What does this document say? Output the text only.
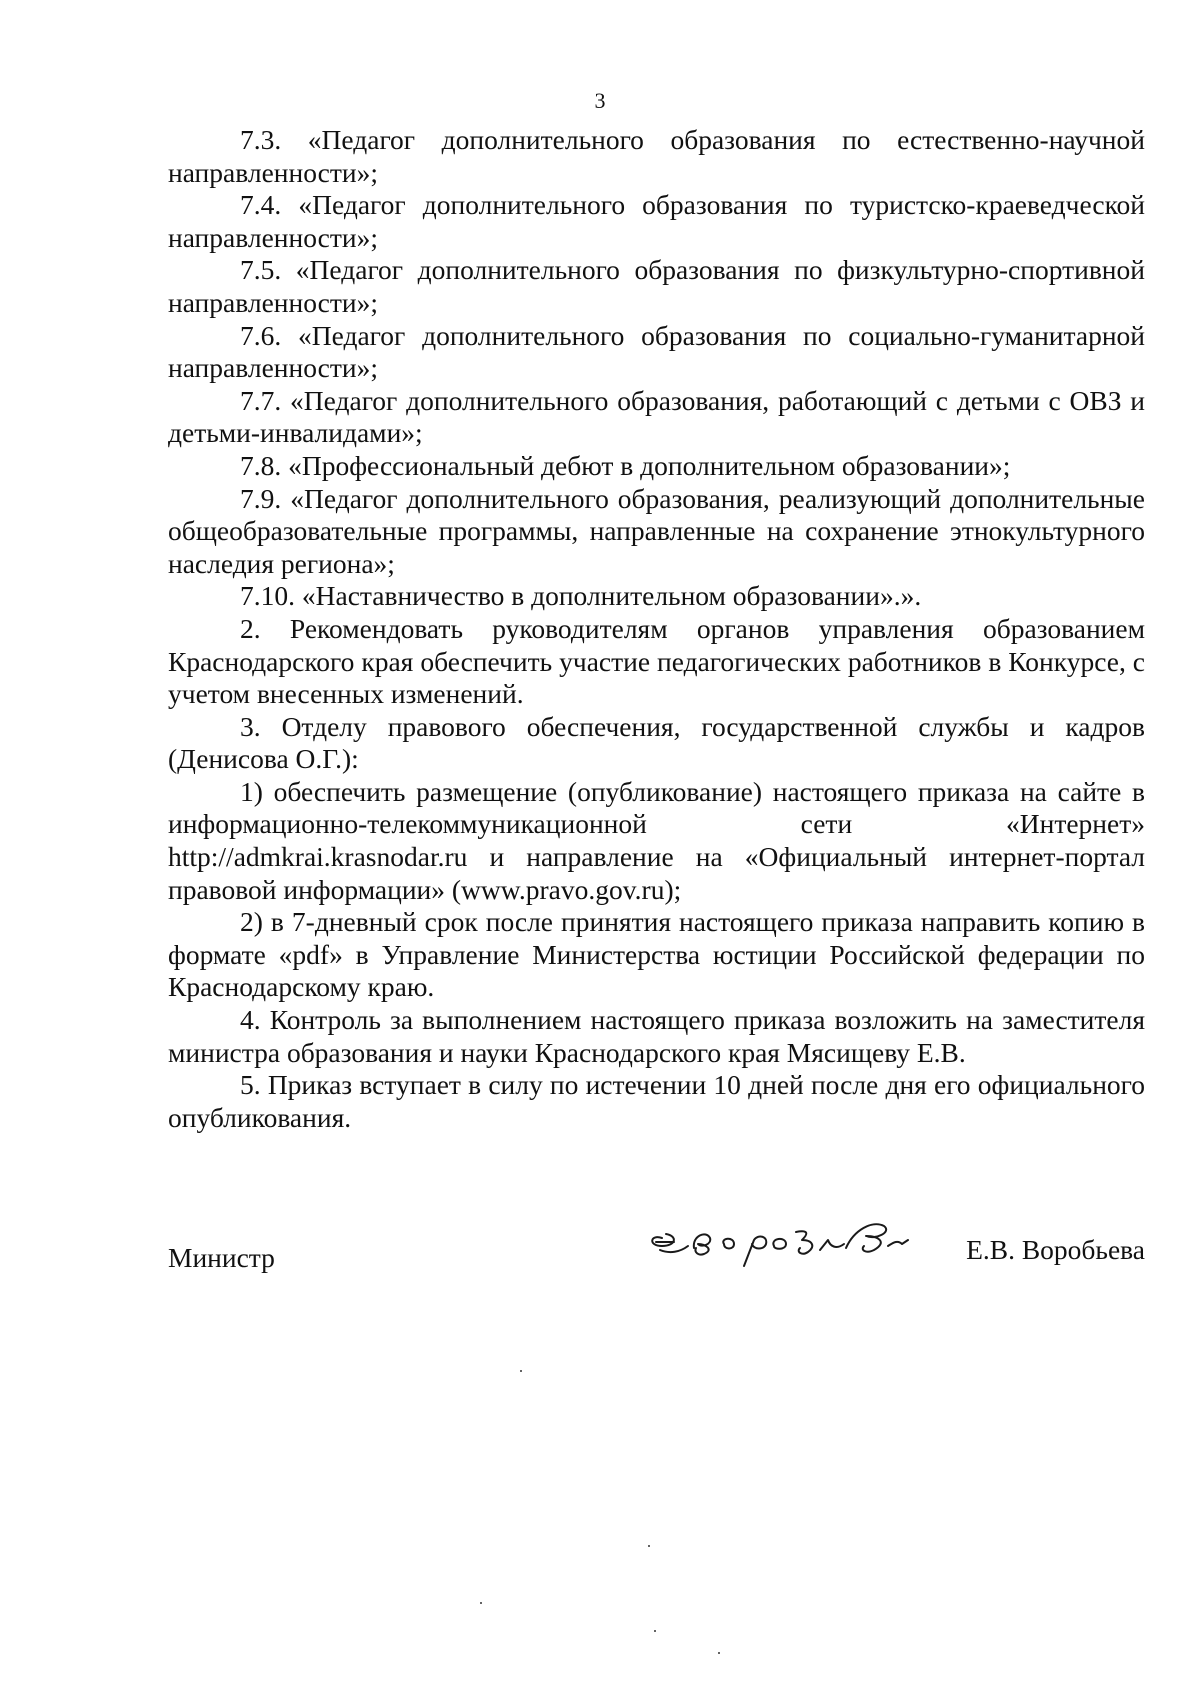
3

7.3. «Педагог дополнительного образования по естественно-научной направленности»;

7.4. «Педагог дополнительного образования по туристско-краеведческой направленности»;

7.5. «Педагог дополнительного образования по физкультурно-спортивной направленности»;

7.6. «Педагог дополнительного образования по социально-гуманитарной направленности»;

7.7. «Педагог дополнительного образования, работающий с детьми с ОВЗ и детьми-инвалидами»;

7.8. «Профессиональный дебют в дополнительном образовании»;

7.9. «Педагог дополнительного образования, реализующий дополнительные общеобразовательные программы, направленные на сохранение этнокультурного наследия региона»;

7.10. «Наставничество в дополнительном образовании».».

2. Рекомендовать руководителям органов управления образованием Краснодарского края обеспечить участие педагогических работников в Конкурсе, с учетом внесенных изменений.

3. Отделу правового обеспечения, государственной службы и кадров (Денисова О.Г.):

1) обеспечить размещение (опубликование) настоящего приказа на сайте в информационно-телекоммуникационной сети «Интернет» http://admkrai.krasnodar.ru и направление на «Официальный интернет-портал правовой информации» (www.pravo.gov.ru);

2) в 7-дневный срок после принятия настоящего приказа направить копию в формате «pdf» в Управление Министерства юстиции Российской федерации по Краснодарскому краю.

4. Контроль за выполнением настоящего приказа возложить на заместителя министра образования и науки Краснодарского края Мясищеву Е.В.

5. Приказ вступает в силу по истечении 10 дней после дня его официального опубликования.

Министр	Е.В. Воробьева
